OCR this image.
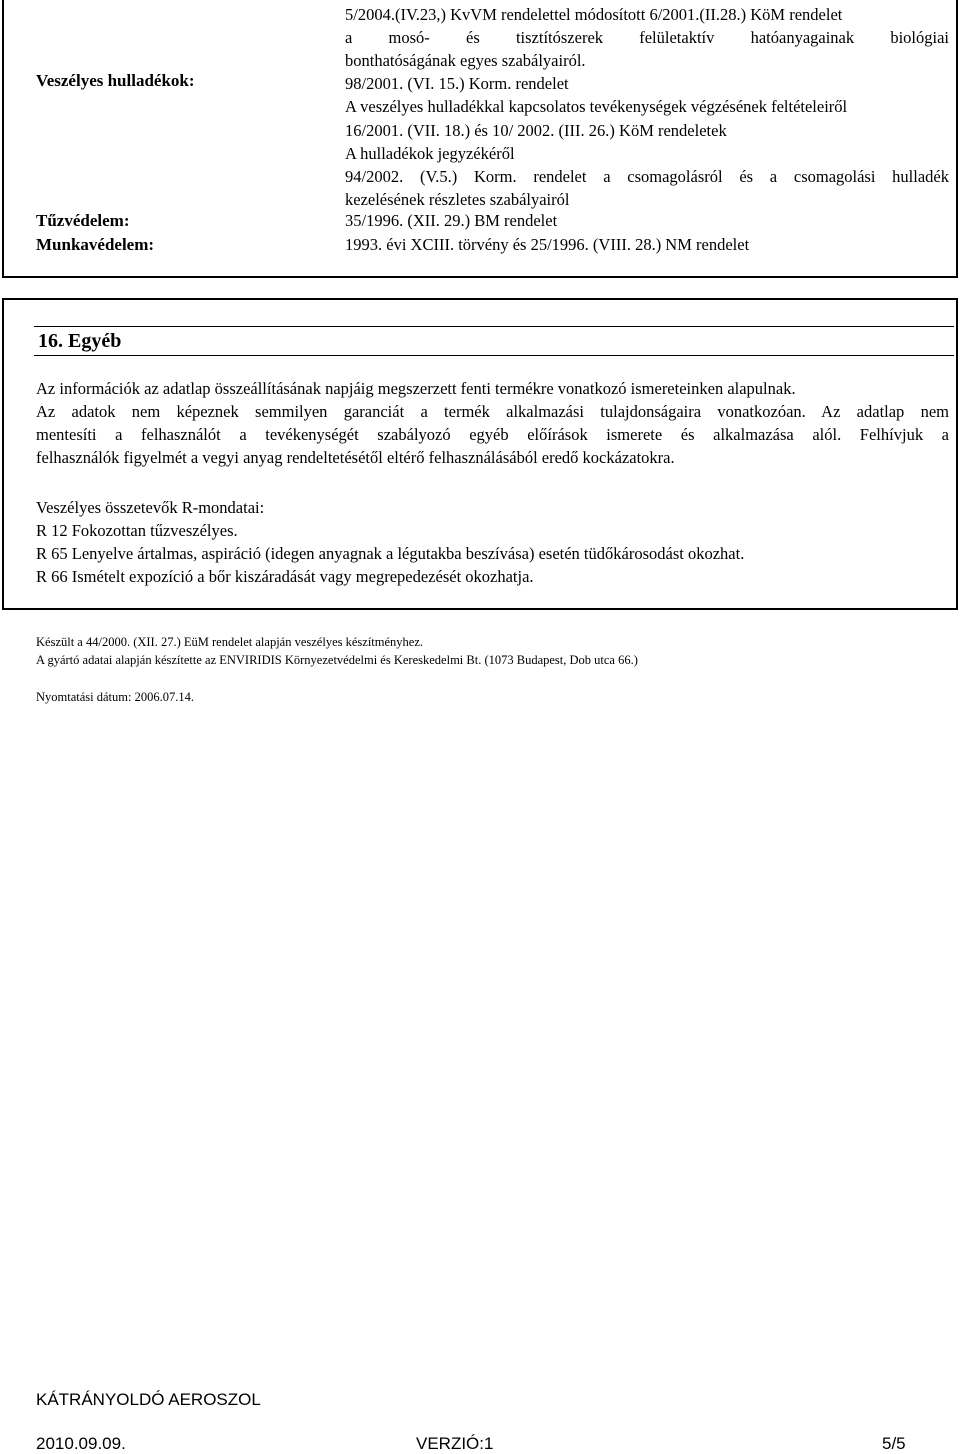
Veszélyes hulladékok:
Tűzvédelem:
Munkavédelem:
5/2004.(IV.23,) KvVM rendelettel módosított 6/2001.(II.28.) KöM rendelet
a mosó- és tisztítószerek felületaktív hatóanyagainak biológiai
bonthatóságának egyes szabályairól.
98/2001. (VI. 15.) Korm. rendelet
A veszélyes hulladékkal kapcsolatos tevékenységek végzésének feltételeiről
16/2001. (VII. 18.) és 10/ 2002. (III. 26.) KöM rendeletek
A hulladékok jegyzékéről
94/2002. (V.5.) Korm. rendelet a csomagolásról és a csomagolási hulladék
kezelésének részletes szabályairól
35/1996. (XII. 29.) BM rendelet
1993. évi XCIII. törvény és 25/1996. (VIII. 28.) NM rendelet
16. Egyéb
Az információk az adatlap összeállításának napjáig megszerzett fenti termékre vonatkozó ismereteinken alapulnak.
Az adatok nem képeznek semmilyen garanciát a termék alkalmazási tulajdonságaira vonatkozóan. Az adatlap nem
mentesíti a felhasználót a tevékenységét szabályozó egyéb előírások ismerete és alkalmazása alól. Felhívjuk a
felhasználók figyelmét a vegyi anyag rendeltetésétől eltérő felhasználásából eredő kockázatokra.
Veszélyes összetevők R-mondatai:
R 12 Fokozottan tűzveszélyes.
R 65 Lenyelve ártalmas, aspiráció (idegen anyagnak a légutakba beszívása) esetén tüdőkárosodást okozhat.
R 66 Ismételt expozíció a bőr kiszáradását vagy megrepedezését okozhatja.
Készült a 44/2000. (XII. 27.) EüM rendelet alapján veszélyes készítményhez.
A gyártó adatai alapján készítette az ENVIRIDIS Környezetvédelmi és Kereskedelmi Bt. (1073 Budapest, Dob utca 66.)
Nyomtatási dátum: 2006.07.14.
KÁTRÁNYOLDÓ AEROSZOL
2010.09.09.	VERZIÓ:1	5/5
